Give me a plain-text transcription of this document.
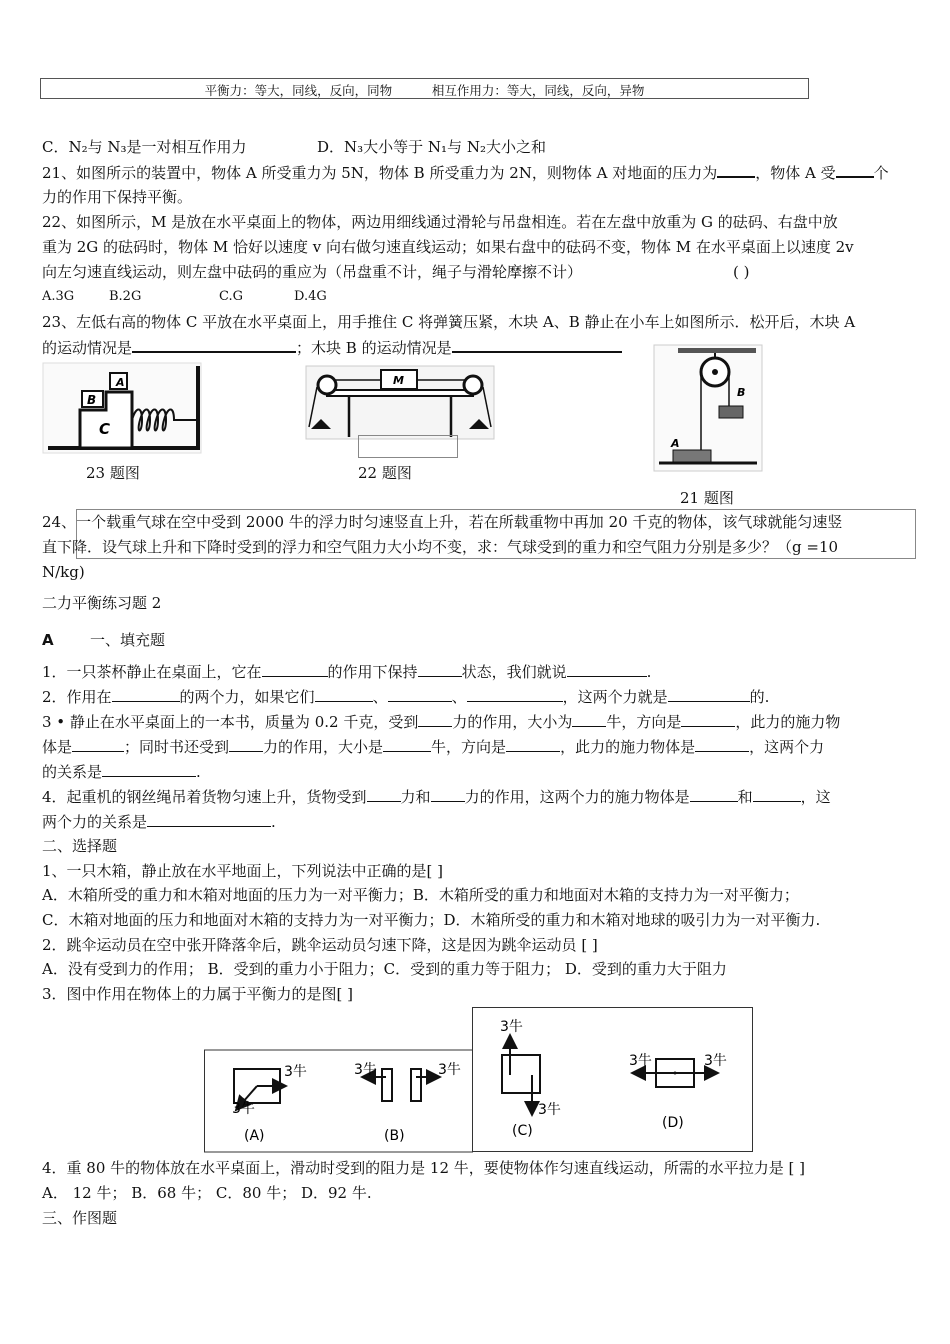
平衡力：等大，同线，反向，同物          相互作用力：等大，同线，反向，异物
C．N₂与 N₃是一对相互作用力	D．N₃大小等于 N₁与 N₂大小之和
21、如图所示的装置中，物体 A 所受重力为 5N，物体 B 所受重力为 2N，则物体 A 对地面的压力为	，物体 A 受	个
力的作用下保持平衡。
22、如图所示，M 是放在水平桌面上的物体，两边用细线通过滑轮与吊盘相连。若在左盘中放重为 G 的砝码、右盘中放
重为 2G 的砝码时，物体 M 恰好以速度 v 向右做匀速直线运动；如果右盘中的砝码不变，物体 M 在水平桌面上以速度 2v
向左匀速直线运动，则左盘中砝码的重应为（吊盘重不计，绳子与滑轮摩擦不计）	( )
A.3G	B.2G	C.G	D.4G
23、左低右高的物体 C 平放在水平桌面上，用手推住 C 将弹簧压紧，木块 A、B 静止在小车上如图所示．松开后，木块 A
的运动情况是	；木块 B 的运动情况是
A
B
C
23 题图
M
22 题图
B
A
21 题图
24、一个载重气球在空中受到 2000 牛的浮力时匀速竖直上升，若在所载重物中再加 20 千克的物体，该气球就能匀速竖
直下降．设气球上升和下降时受到的浮力和空气阻力大小均不变，求：气球受到的重力和空气阻力分别是多少？（g =10
N/kg)
二力平衡练习题 2
A 一、填充题
1．一只茶杯静止在桌面上，它在	的作用下保持	状态，我们就说	.
2．作用在	的两个力，如果它们	、	、	，这两个力就是	的.
3 • 静止在水平桌面上的一本书，质量为 0.2 千克，受到 力的作用，大小为 牛，方向是	，此力的施力物
体是	；同时书还受到 力的作用，大小是	牛，方向是	，此力的施力物体是	，这两个力
的关系是	.
4．起重机的钢丝绳吊着货物匀速上升，货物受到 力和 力的作用，这两个力的施力物体是	和	，这
两个力的关系是	.
二、选择题
1、一只木箱，静止放在水平地面上，下列说法中正确的是[ ]
A．木箱所受的重力和木箱对地面的压力为一对平衡力；B．木箱所受的重力和地面对木箱的支持力为一对平衡力；
C．木箱对地面的压力和地面对木箱的支持力为一对平衡力；D．木箱所受的重力和木箱对地球的吸引力为一对平衡力.
2．跳伞运动员在空中张开降落伞后，跳伞运动员匀速下降，这是因为跳伞运动员 [ ]
A．没有受到力的作用； B．受到的重力小于阻力；C．受到的重力等于阻力； D．受到的重力大于阻力
3．图中作用在物体上的力属于平衡力的是图[ ]
3牛
3牛
(A)
3牛	3牛
(B)
3牛
3牛
(C)
3牛	3牛
(D)
4．重 80 牛的物体放在水平桌面上，滑动时受到的阻力是 12 牛，要使物体作匀速直线运动，所需的水平拉力是 [ ]
A． 12 牛； B．68 牛； C．80 牛； D．92 牛.
三、作图题
